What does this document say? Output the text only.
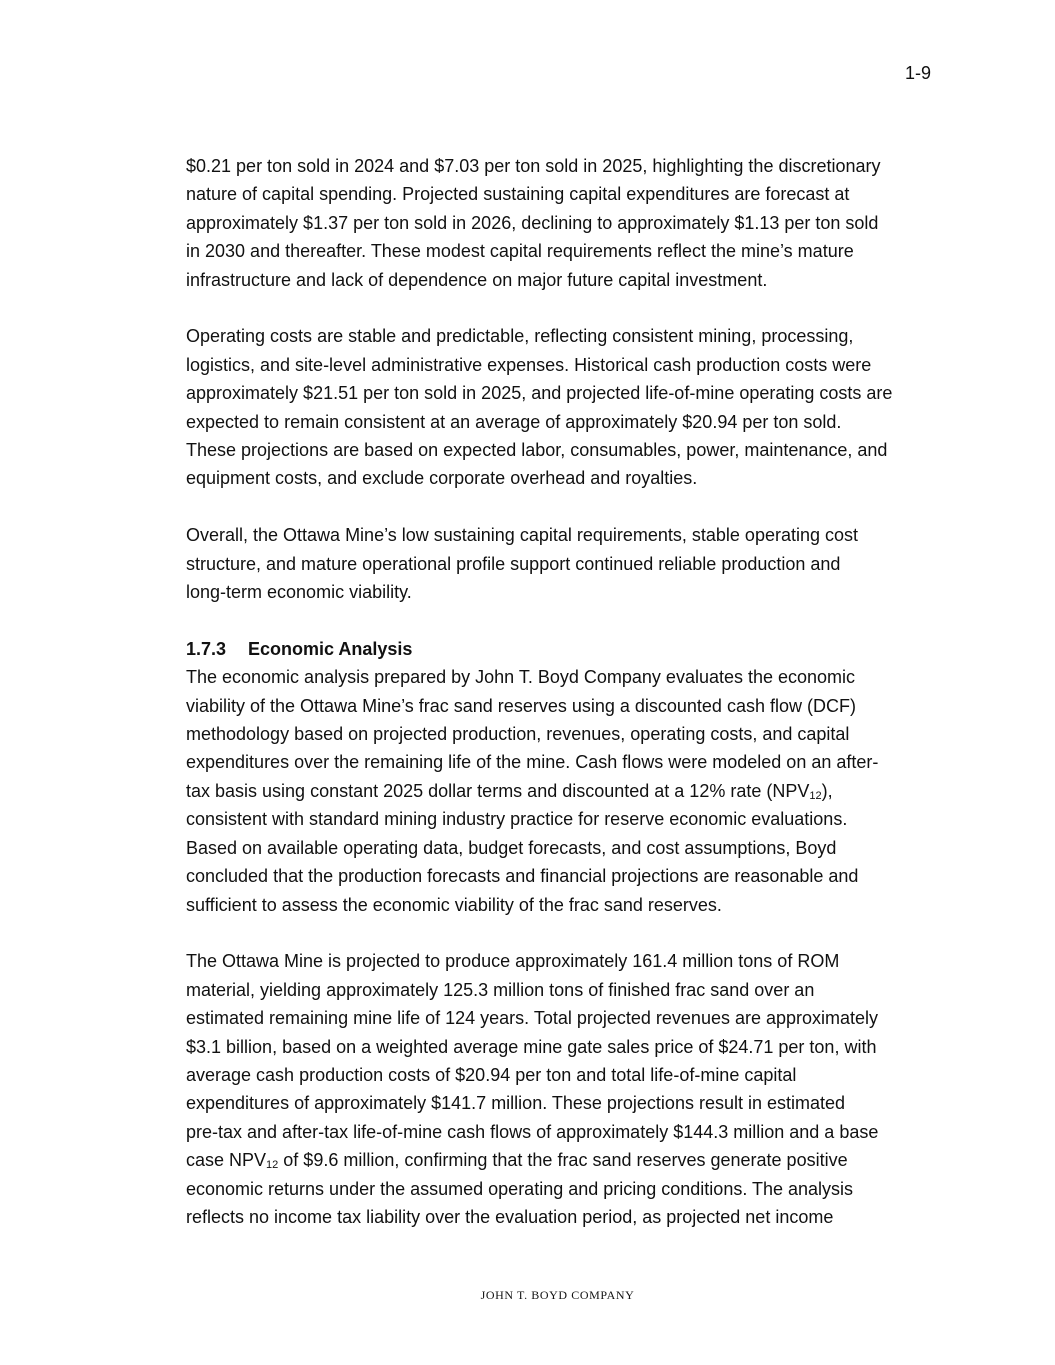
1-9

$0.21 per ton sold in 2024 and $7.03 per ton sold in 2025, highlighting the discretionary
nature of capital spending. Projected sustaining capital expenditures are forecast at
approximately $1.37 per ton sold in 2026, declining to approximately $1.13 per ton sold
in 2030 and thereafter. These modest capital requirements reflect the mine’s mature
infrastructure and lack of dependence on major future capital investment.

Operating costs are stable and predictable, reflecting consistent mining, processing,
logistics, and site-level administrative expenses. Historical cash production costs were
approximately $21.51 per ton sold in 2025, and projected life-of-mine operating costs are
expected to remain consistent at an average of approximately $20.94 per ton sold.
These projections are based on expected labor, consumables, power, maintenance, and
equipment costs, and exclude corporate overhead and royalties.

Overall, the Ottawa Mine’s low sustaining capital requirements, stable operating cost
structure, and mature operational profile support continued reliable production and
long-term economic viability.

1.7.3 Economic Analysis
The economic analysis prepared by John T. Boyd Company evaluates the economic
viability of the Ottawa Mine’s frac sand reserves using a discounted cash flow (DCF)
methodology based on projected production, revenues, operating costs, and capital
expenditures over the remaining life of the mine. Cash flows were modeled on an after-
tax basis using constant 2025 dollar terms and discounted at a 12% rate $(NPV_{12})$,
consistent with standard mining industry practice for reserve economic evaluations.
Based on available operating data, budget forecasts, and cost assumptions, Boyd
concluded that the production forecasts and financial projections are reasonable and
sufficient to assess the economic viability of the frac sand reserves.

The Ottawa Mine is projected to produce approximately 161.4 million tons of ROM
material, yielding approximately 125.3 million tons of finished frac sand over an
estimated remaining mine life of 124 years. Total projected revenues are approximately
$3.1 billion, based on a weighted average mine gate sales price of $24.71 per ton, with
average cash production costs of $20.94 per ton and total life-of-mine capital
expenditures of approximately $141.7 million. These projections result in estimated
pre-tax and after-tax life-of-mine cash flows of approximately $144.3 million and a base
case $NPV_{12}$ of $9.6 million, confirming that the frac sand reserves generate positive
economic returns under the assumed operating and pricing conditions. The analysis
reflects no income tax liability over the evaluation period, as projected net income

JOHN T. BOYD COMPANY
